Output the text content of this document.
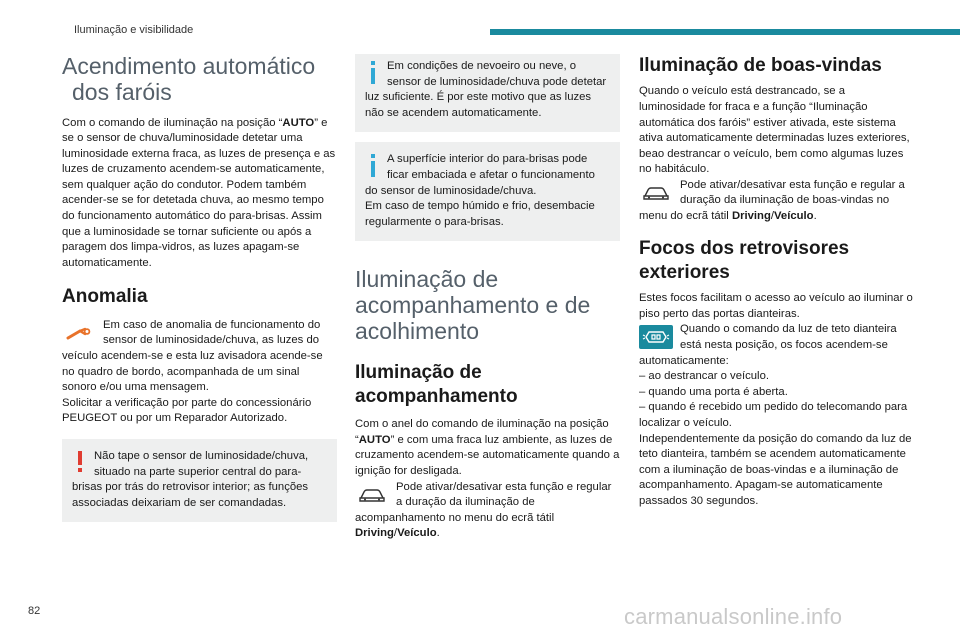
Iluminação e visibilidade
Acendimento automático dos faróis

Com o comando de iluminação na posição “AUTO” e se o sensor de chuva/luminosidade detetar uma luminosidade externa fraca, as luzes de presença e as luzes de cruzamento acendem-se automaticamente, sem qualquer ação do condutor. Podem também acender-se se for detetada chuva, ao mesmo tempo do funcionamento automático do para-brisas. Assim que a luminosidade se tornar suficiente ou após a paragem dos limpa-vidros, as luzes apagam-se automaticamente.

Anomalia
Em caso de anomalia de funcionamento do sensor de luminosidade/chuva, as luzes do veículo acendem-se e esta luz avisadora acende-se no quadro de bordo, acompanhada de um sinal sonoro e/ou uma mensagem.
Solicitar a verificação por parte do concessionário PEUGEOT ou por um Reparador Autorizado.
Não tape o sensor de luminosidade/chuva, situado na parte superior central do para-brisas por trás do retrovisor interior; as funções associadas deixariam de ser comandadas.
Em condições de nevoeiro ou neve, o sensor de luminosidade/chuva pode detetar luz suficiente. É por este motivo que as luzes não se acendem automaticamente.
A superfície interior do para-brisas pode ficar embaciada e afetar o funcionamento do sensor de luminosidade/chuva.
Em caso de tempo húmido e frio, desembacie regularmente o para-brisas.
Iluminação de acompanhamento e de acolhimento
Iluminação de acompanhamento

Com o anel do comando de iluminação na posição “AUTO” e com uma fraca luz ambiente, as luzes de cruzamento acendem-se automaticamente quando a ignição for desligada.

Pode ativar/desativar esta função e regular a duração da iluminação de acompanhamento no menu do ecrã tátil Driving/Veículo.
Iluminação de boas-vindas

Quando o veículo está destrancado, se a luminosidade for fraca e a função “Iluminação automática dos faróis” estiver ativada, este sistema ativa automaticamente determinadas luzes exteriores, beao destrancar o veículo, bem como algumas luzes no habitáculo.

Pode ativar/desativar esta função e regular a duração da iluminação de boas-vindas no menu do ecrã tátil Driving/Veículo.
Focos dos retrovisores exteriores

Estes focos facilitam o acesso ao veículo ao iluminar o piso perto das portas dianteiras.

Quando o comando da luz de teto dianteira está nesta posição, os focos acendem-se automaticamente:
– ao destrancar o veículo.
– quando uma porta é aberta.
– quando é recebido um pedido do telecomando para localizar o veículo.
Independentemente da posição do comando da luz de teto dianteira, também se acendem automaticamente com a iluminação de boas-vindas e a iluminação de acompanhamento. Apagam-se automaticamente passados 30 segundos.
82	carmanualsonline.info
